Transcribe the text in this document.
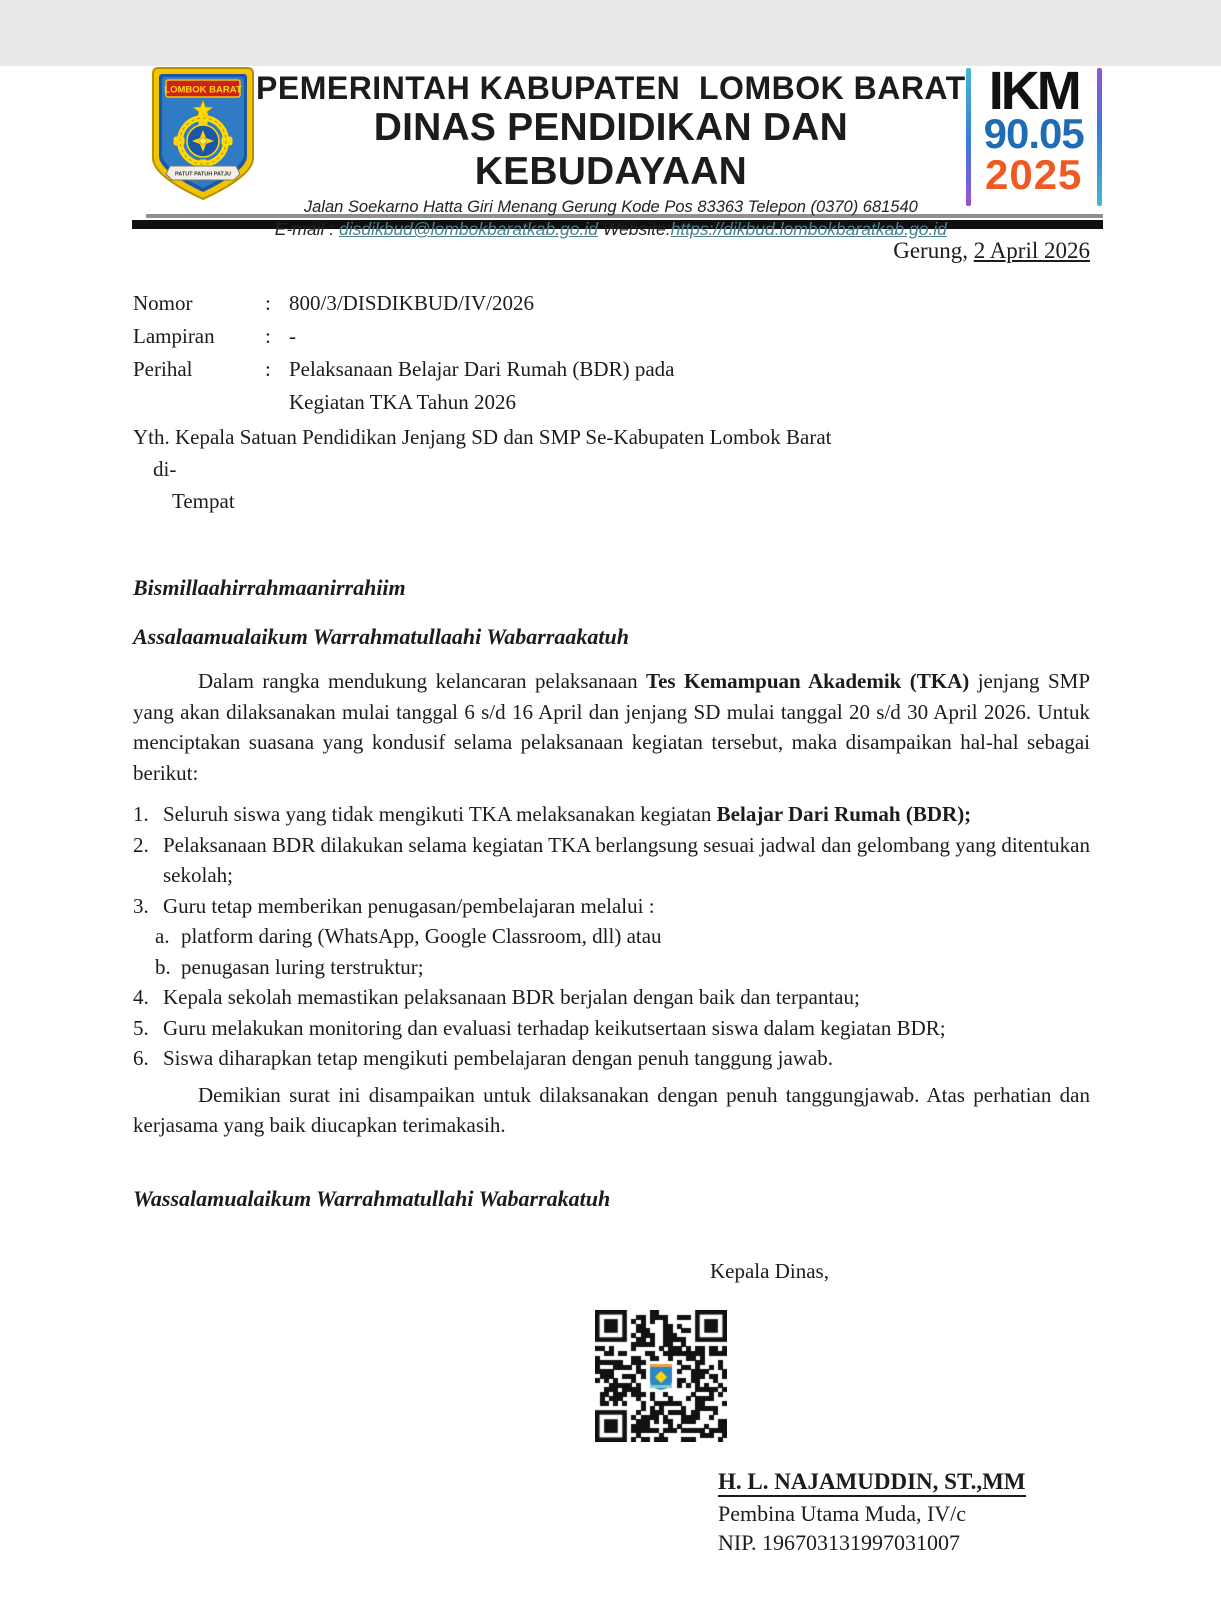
LOMBOK BARAT
PATUT PATUH PATJU
PEMERINTAH KABUPATEN  LOMBOK BARAT
DINAS PENDIDIKAN DAN KEBUDAYAAN
Jalan Soekarno Hatta Giri Menang Gerung Kode Pos 83363 Telepon (0370) 681540
E-mail : disdikbud@lombokbaratkab.go.id Website:https://dikbud.lombokbaratkab.go.id
IKM
90.05
2025
Gerung, 2 April 2026
Nomor	: 800/3/DISDIKBUD/IV/2026
Lampiran	: -
Perihal	: Pelaksanaan Belajar Dari Rumah (BDR) pada
Kegiatan TKA Tahun 2026
Yth. Kepala Satuan Pendidikan Jenjang SD dan SMP Se-Kabupaten Lombok Barat
di-
Tempat
Bismillaahirrahmaanirrahiim
Assalaamualaikum Warrahmatullaahi Wabarraakatuh

Dalam rangka mendukung kelancaran pelaksanaan Tes Kemampuan Akademik (TKA) jenjang SMP yang akan dilaksanakan mulai tanggal 6 s/d 16 April dan jenjang SD mulai tanggal 20 s/d 30 April 2026. Untuk menciptakan suasana yang kondusif selama pelaksanaan kegiatan tersebut, maka disampaikan hal-hal sebagai berikut:

1. Seluruh siswa yang tidak mengikuti TKA melaksanakan kegiatan Belajar Dari Rumah (BDR);
2. Pelaksanaan BDR dilakukan selama kegiatan TKA berlangsung sesuai jadwal dan gelombang yang ditentukan sekolah;
3. Guru tetap memberikan penugasan/pembelajaran melalui :
a. platform daring (WhatsApp, Google Classroom, dll) atau
b. penugasan luring terstruktur;
4. Kepala sekolah memastikan pelaksanaan BDR berjalan dengan baik dan terpantau;
5. Guru melakukan monitoring dan evaluasi terhadap keikutsertaan siswa dalam kegiatan BDR;
6. Siswa diharapkan tetap mengikuti pembelajaran dengan penuh tanggung jawab.

Demikian surat ini disampaikan untuk dilaksanakan dengan penuh tanggungjawab. Atas perhatian dan kerjasama yang baik diucapkan terimakasih.

Wassalamualaikum Warrahmatullahi Wabarrakatuh
Kepala Dinas,
H. L. NAJAMUDDIN, ST.,MM
Pembina Utama Muda, IV/c
NIP. 196703131997031007
